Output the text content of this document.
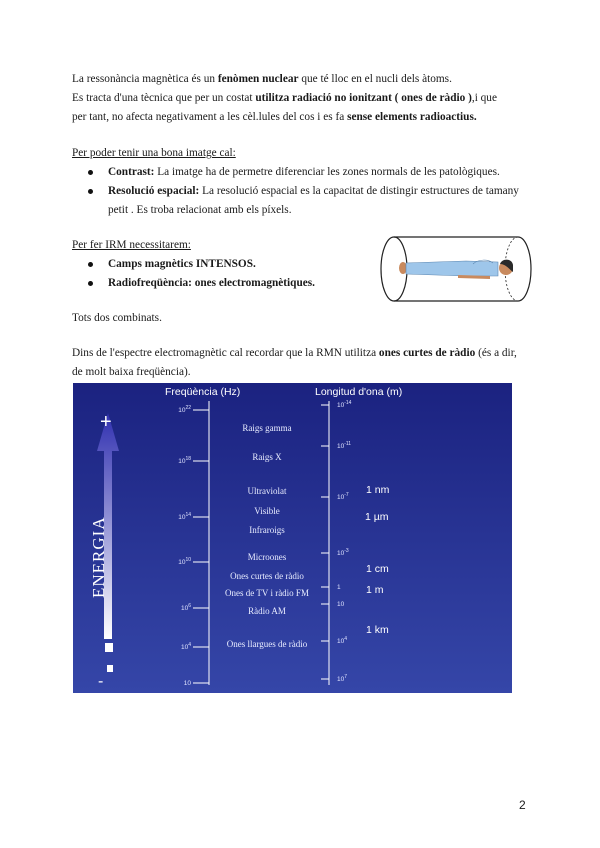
La ressonància magnètica és un fenòmen nuclear que té lloc en el nucli dels àtoms.

Es tracta d'una tècnica que per un costat utilitza radiació no ionitzant ( ones de ràdio ),i que

per tant, no afecta negativament a les cèl.lules del cos i es fa sense elements radioactius.

Per poder tenir una bona imatge cal:

Contrast: La imatge ha de permetre diferenciar les zones normals de les patològiques.
Resolució espacial: La resolució espacial es la capacitat de distingir estructures de tamany petit . Es troba relacionat amb els píxels.

Per fer IRM necessitarem:

Camps magnètics INTENSOS.
Radiofreqüència: ones electromagnètiques.

Tots dos combinats.

Dins de l'espectre electromagnètic cal recordar que la RMN utilitza ones curtes de ràdio (és a dir,

de molt baixa freqüència).

Freqüència (Hz)	Longitud d'ona (m)
+
ENERGIA
-
$10^{22}$
$10^{18}$
$10^{14}$
$10^{10}$
$10^6$
$10^4$
10
$10^{-14}$
$10^{-11}$
$10^{-7}$
$10^{-3}$
1
10
$10^4$
$10^7$
Raigs gamma
Raigs X
Ultraviolat
Visible
Infraroigs
Microones
Ones curtes de ràdio
Ones de TV i ràdio FM
Ràdio AM
Ones llargues de ràdio
1 µm
1 nm
1 cm
1 m
1 km
2
